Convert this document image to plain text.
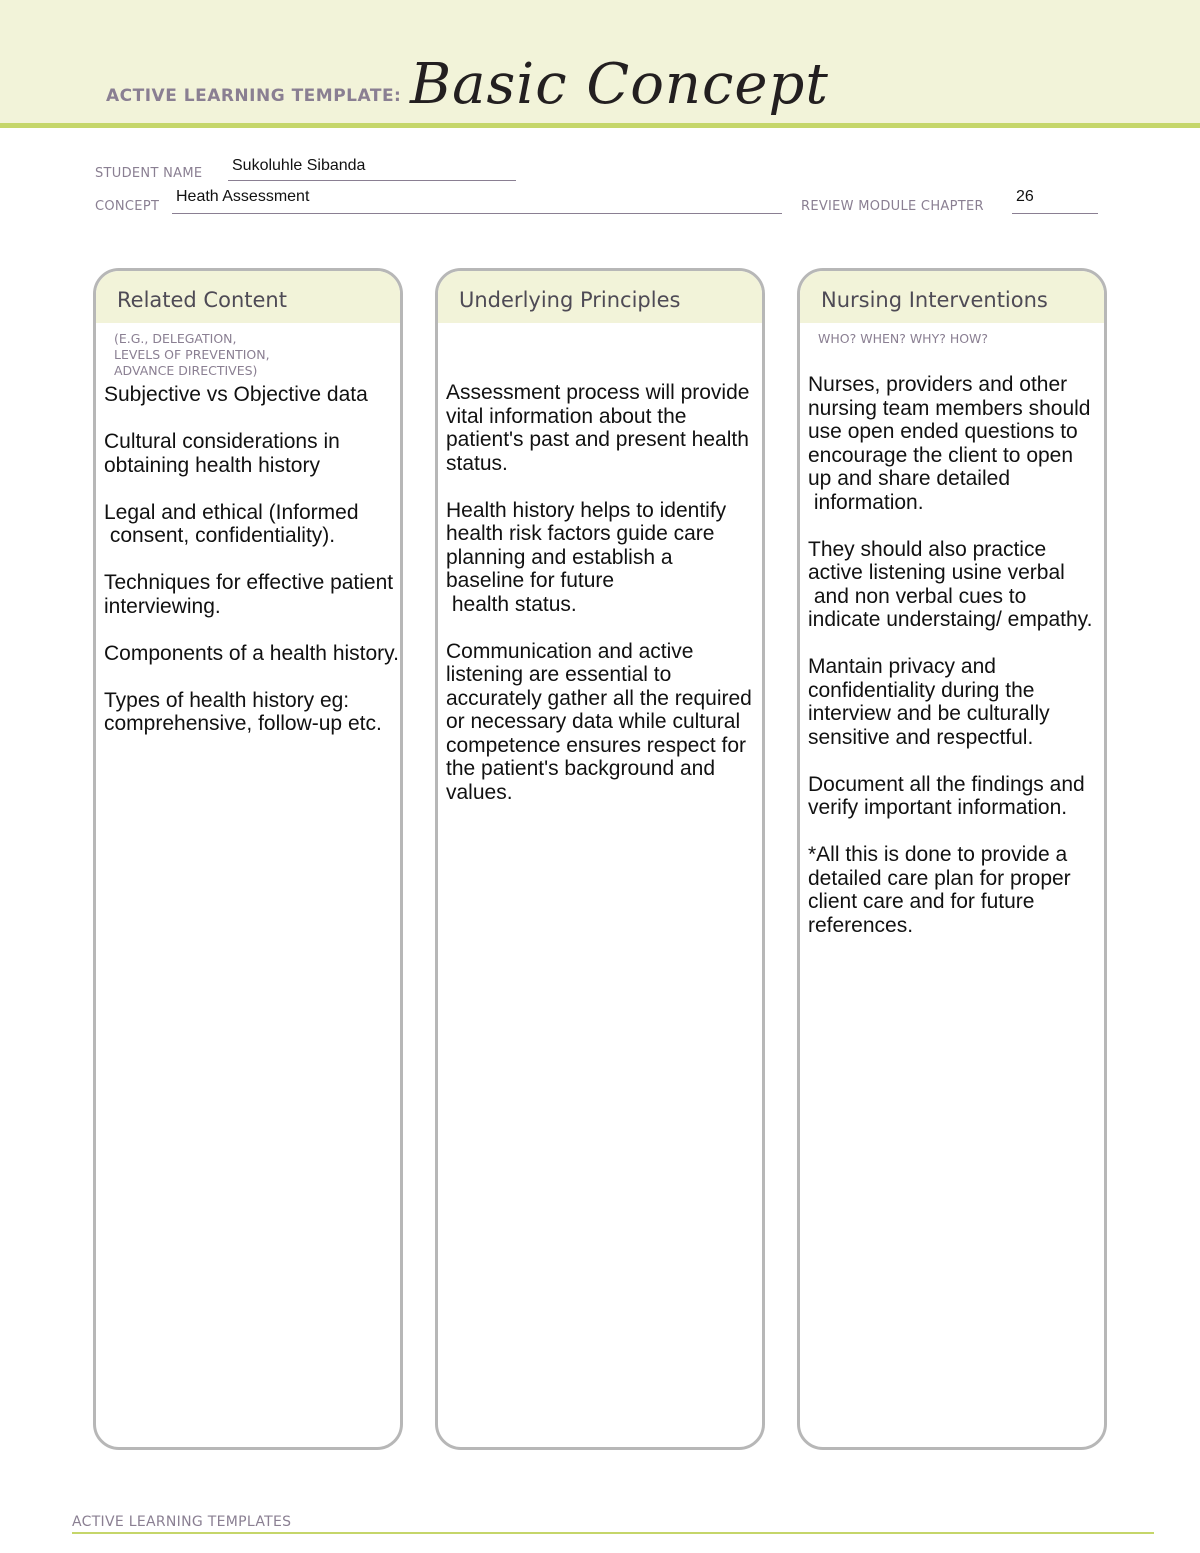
ACTIVE LEARNING TEMPLATE: Basic Concept
STUDENT NAME Sukoluhle Sibanda
CONCEPT
Heath Assessment
REVIEW MODULE CHAPTER
26
Related Content
(E.G., DELEGATION,
LEVELS OF PREVENTION,
ADVANCE DIRECTIVES)

Subjective vs Objective data

Cultural considerations in obtaining health history

Legal and ethical (Informed
consent, confidentiality).

Techniques for effective patient interviewing.

Components of a health history.

Types of health history eg: comprehensive, follow-up etc.

Underlying Principles

Assessment process will provide vital information about the patient's past and present health status.

Health history helps to identify health risk factors guide care planning and establish a baseline for future
health status.

Communication and active listening are essential to accurately gather all the required or necessary data while cultural competence ensures respect for the patient's background and values.

Nursing Interventions
WHO? WHEN? WHY? HOW?

Nurses, providers and other nursing team members should use open ended questions to encourage the client to open up and share detailed
information.

They should also practice active listening usine verbal
and non verbal cues to indicate understaing/ empathy.

Mantain privacy and confidentiality during the interview and be culturally sensitive and respectful.

Document all the findings and verify important information.

*All this is done to provide a detailed care plan for proper client care and for future references.

ACTIVE LEARNING TEMPLATES
